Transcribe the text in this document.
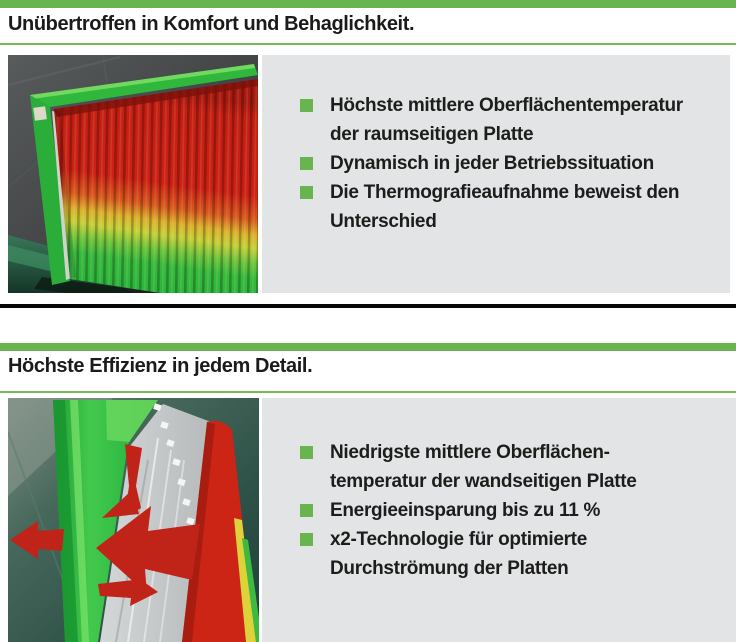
Unübertroffen in Komfort und Behaglichkeit.
Höchste mittlere Oberflächentemperatur
der raumseitigen Platte
Dynamisch in jeder Betriebssituation
Die Thermografieaufnahme beweist den
Unterschied
Höchste Effizienz in jedem Detail.
Niedrigste mittlere Oberflächen-
temperatur der wandseitigen Platte
Energieeinsparung bis zu 11 %
x2-Technologie für optimierte
Durchströmung der Platten
